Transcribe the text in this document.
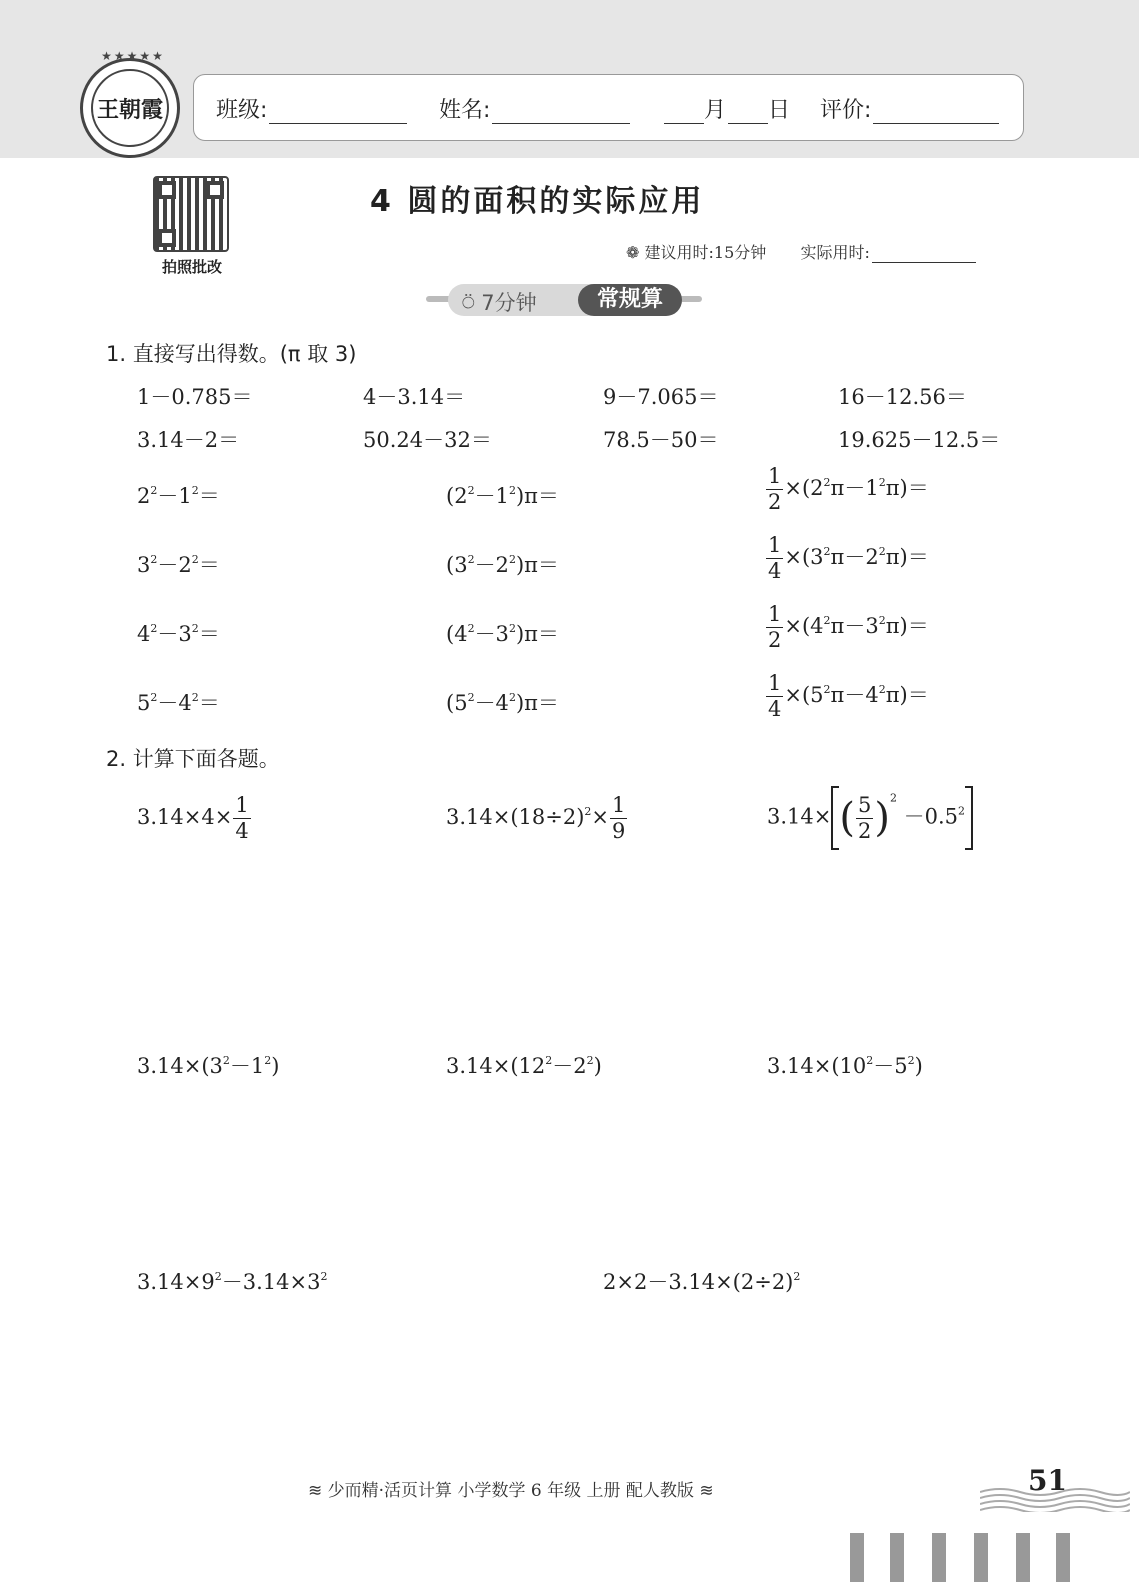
★★★★★
王朝霞 班级:	姓名:	月 日 评价:
拍照批改
4 圆的面积的实际应用
❁ 建议用时:15分钟 实际用时:
⍥ 7分钟	常规算
1. 直接写出得数。(π 取 3)
1－0.785＝	4－3.14＝	9－7.065＝	16－12.56＝
3.14－2＝	50.24－32＝	78.5－50＝	19.625－12.5＝
$2^2-1^2=$	$(2^2-1^2)\pi=$	$\frac{1}{2} \times(2^2\pi-1^2\pi)=$
$3^2-2^2=$	$(3^2-2^2)\pi=$	$\frac{1}{4} \times(3^2\pi-2^2\pi)=$
$4^2-3^2=$	$(4^2-3^2)\pi=$	$\frac{1}{2} \times(4^2\pi-3^2\pi)=$
$5^2-4^2=$	$(5^2-4^2)\pi=$	$\frac{1}{4} \times(5^2\pi-4^2\pi)=$
2. 计算下面各题。
$3.14\times 4\times \frac{1}{4}$	$3.14\times(18\div 2)^2\times \frac{1}{9}$	3.14× ( $\frac{5}{2} )^2 -0.5^2$
$3.14\times(3^2-1^2)$	$3.14\times(12^2-2^2)$	$3.14\times(10^2-5^2)$
$3.14\times 9^2-3.14\times 3^2$	$2\times 2-3.14\times(2\div 2)^2$
≋ 少而精·活页计算 小学数学 6 年级 上册 配人教版 ≋	51
